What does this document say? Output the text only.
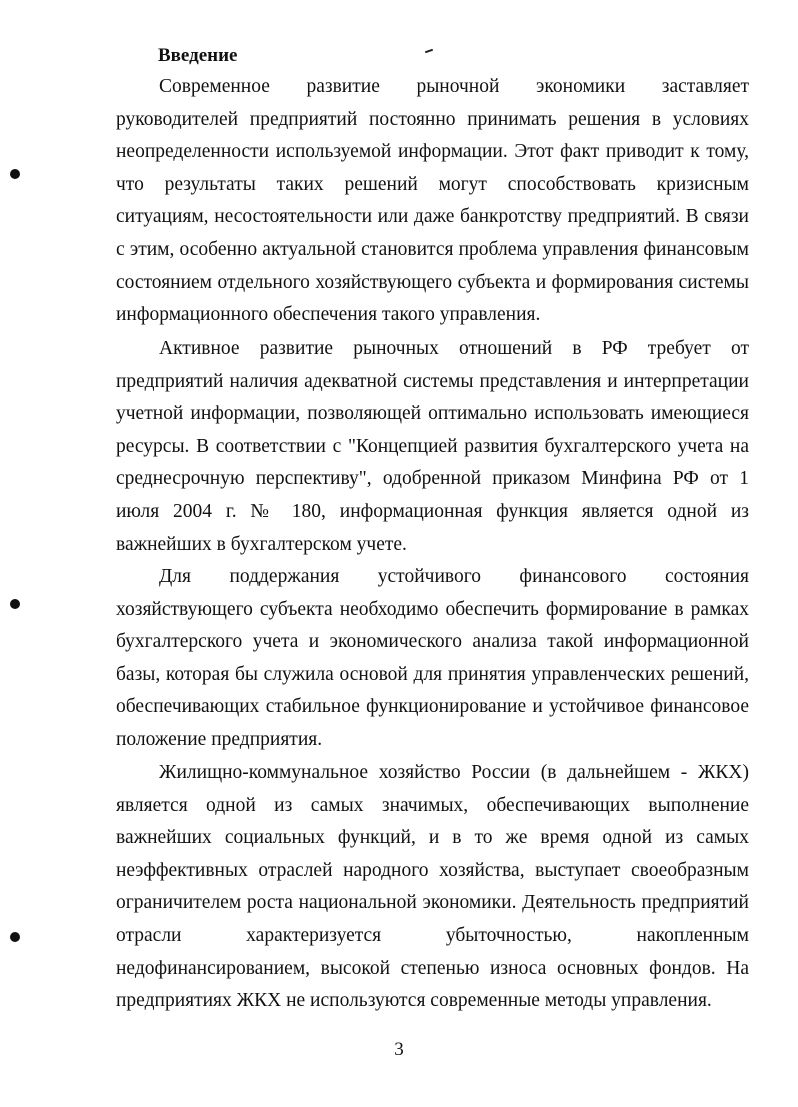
Введение

Современное развитие рыночной экономики заставляет руководителей предприятий постоянно принимать решения в условиях неопределенности используемой информации. Этот факт приводит к тому, что результаты таких решений могут способствовать кризисным ситуациям, несостоятельности или даже банкротству предприятий. В связи с этим, особенно актуальной становится проблема управления финансовым состоянием отдельного хозяйствующего субъекта и формирования системы информационного обеспечения такого управления.

Активное развитие рыночных отношений в РФ требует от предприятий наличия адекватной системы представления и интерпретации учетной информации, позволяющей оптимально использовать имеющиеся ресурсы. В соответствии с "Концепцией развития бухгалтерского учета на среднесрочную перспективу", одобренной приказом Минфина РФ от 1 июля 2004 г. № 180, информационная функция является одной из важнейших в бухгалтерском учете.

Для поддержания устойчивого финансового состояния хозяйствующего субъекта необходимо обеспечить формирование в рамках бухгалтерского учета и экономического анализа такой информационной базы, которая бы служила основой для принятия управленческих решений, обеспечивающих стабильное функционирование и устойчивое финансовое положение предприятия.

Жилищно-коммунальное хозяйство России (в дальнейшем - ЖКХ) является одной из самых значимых, обеспечивающих выполнение важнейших социальных функций, и в то же время одной из самых неэффективных отраслей народного хозяйства, выступает своеобразным ограничителем роста национальной экономики. Деятельность предприятий отрасли характеризуется убыточностью, накопленным недофинансированием, высокой степенью износа основных фондов. На предприятиях ЖКХ не используются современные методы управления.

3
